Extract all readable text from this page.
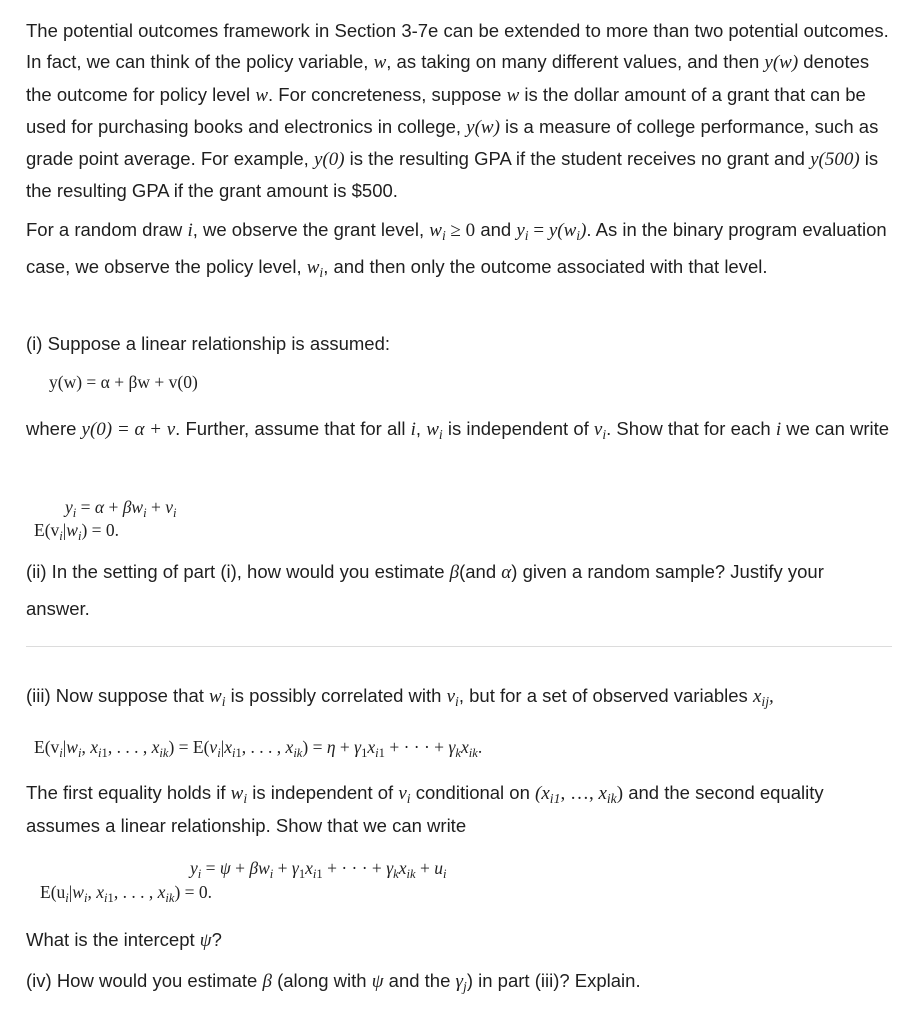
The potential outcomes framework in Section 3-7e can be extended to more than two potential outcomes. In fact, we can think of the policy variable, w, as taking on many different values, and then y(w) denotes the outcome for policy level w. For concreteness, suppose w is the dollar amount of a grant that can be used for purchasing books and electronics in college, y(w) is a measure of college performance, such as grade point average. For example, y(0) is the resulting GPA if the student receives no grant and y(500) is the resulting GPA if the grant amount is $500.

For a random draw i, we observe the grant level, $w_i \ge 0$ and $y_i = y(w_i)$. As in the binary program evaluation case, we observe the policy level, $w_i$, and then only the outcome associated with that level.

(i) Suppose a linear relationship is assumed:

y(w) = α + βw + v(0)

where y(0) = α + v. Further, assume that for all i, $w_i$ is independent of $v_i$. Show that for each i we can write

$y_i = \alpha + \beta w_i + v_i$
$E(v_i|w_i) = 0$.

(ii) In the setting of part (i), how would you estimate β(and α) given a random sample? Justify your answer.

(iii) Now suppose that $w_i$ is possibly correlated with $v_i$, but for a set of observed variables $x_{ij}$,

$E(v_i|w_i$, $x_{i1}$, . . . , $x_{ik}) = E(v_i|x_{i1}$, . . . , $x_{ik}) = \eta + \gamma_1x_{i1}$ + · · · + $\gamma_kx_{ik}$.

The first equality holds if $w_i$ is independent of $v_i$ conditional on ($x_{i1}$, …, $x_{ik}$) and the second equality assumes a linear relationship. Show that we can write

$y_i = \psi + \beta w_i + \gamma_1x_{i1}$ + · · · + $\gamma_kx_{ik} + u_i$
$E(u_i|w_i$, $x_{i1}$, . . . , $x_{ik}) = 0$.

What is the intercept ψ?

(iv) How would you estimate β (along with ψ and the $\gamma_j$) in part (iii)? Explain.
